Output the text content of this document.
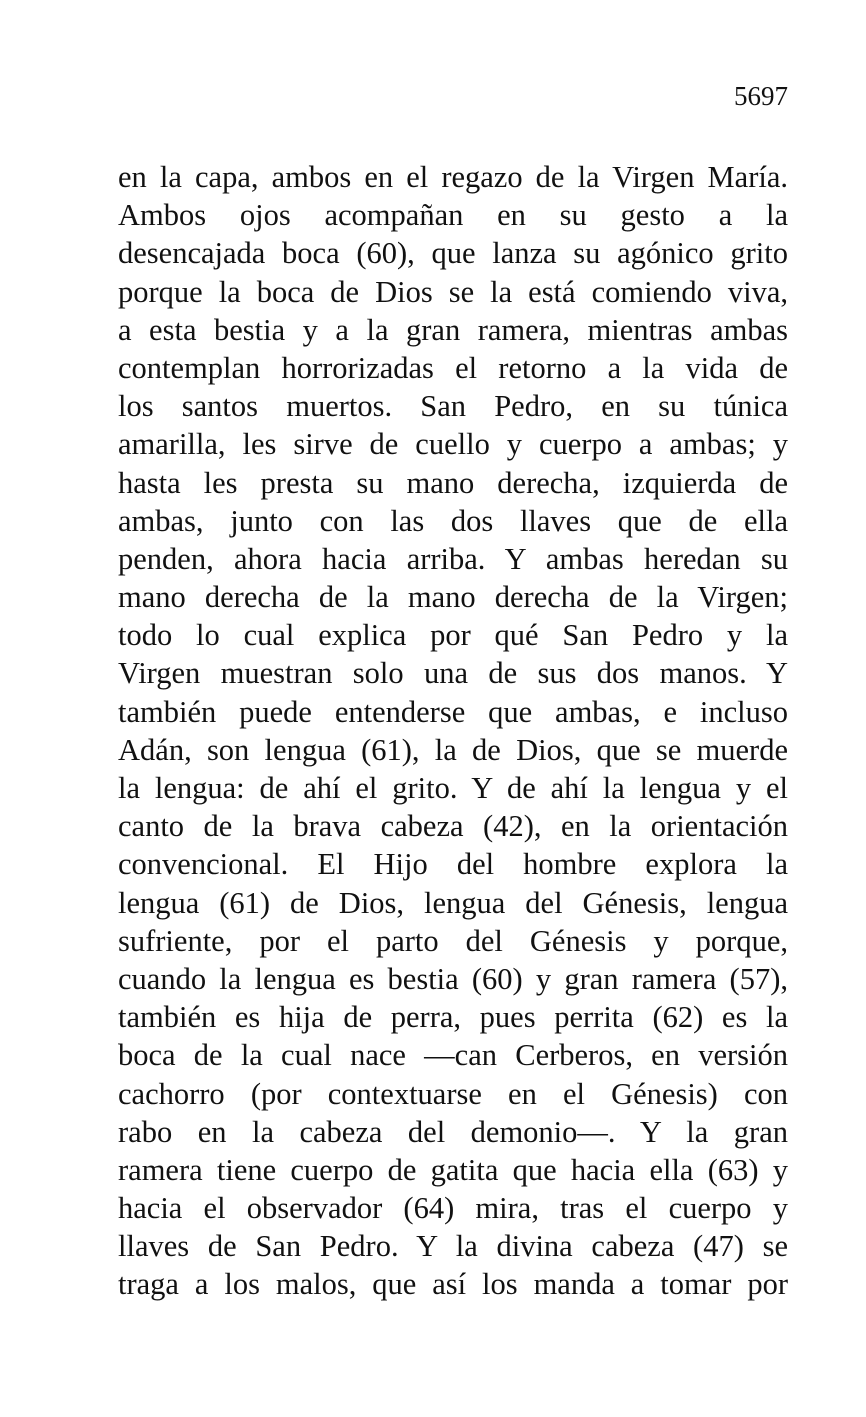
5697
en la capa, ambos en el regazo de la Virgen María.
Ambos ojos acompañan en su gesto a la
desencajada boca (60), que lanza su agónico grito
porque la boca de Dios se la está comiendo viva,
a esta bestia y a la gran ramera, mientras ambas
contemplan horrorizadas el retorno a la vida de
los santos muertos. San Pedro, en su túnica
amarilla, les sirve de cuello y cuerpo a ambas; y
hasta les presta su mano derecha, izquierda de
ambas, junto con las dos llaves que de ella
penden, ahora hacia arriba. Y ambas heredan su
mano derecha de la mano derecha de la Virgen;
todo lo cual explica por qué San Pedro y la
Virgen muestran solo una de sus dos manos. Y
también puede entenderse que ambas, e incluso
Adán, son lengua (61), la de Dios, que se muerde
la lengua: de ahí el grito. Y de ahí la lengua y el
canto de la brava cabeza (42), en la orientación
convencional. El Hijo del hombre explora la
lengua (61) de Dios, lengua del Génesis, lengua
sufriente, por el parto del Génesis y porque,
cuando la lengua es bestia (60) y gran ramera (57),
también es hija de perra, pues perrita (62) es la
boca de la cual nace —can Cerberos, en versión
cachorro (por contextuarse en el Génesis) con
rabo en la cabeza del demonio—. Y la gran
ramera tiene cuerpo de gatita que hacia ella (63) y
hacia el observador (64) mira, tras el cuerpo y
llaves de San Pedro. Y la divina cabeza (47) se
traga a los malos, que así los manda a tomar por
